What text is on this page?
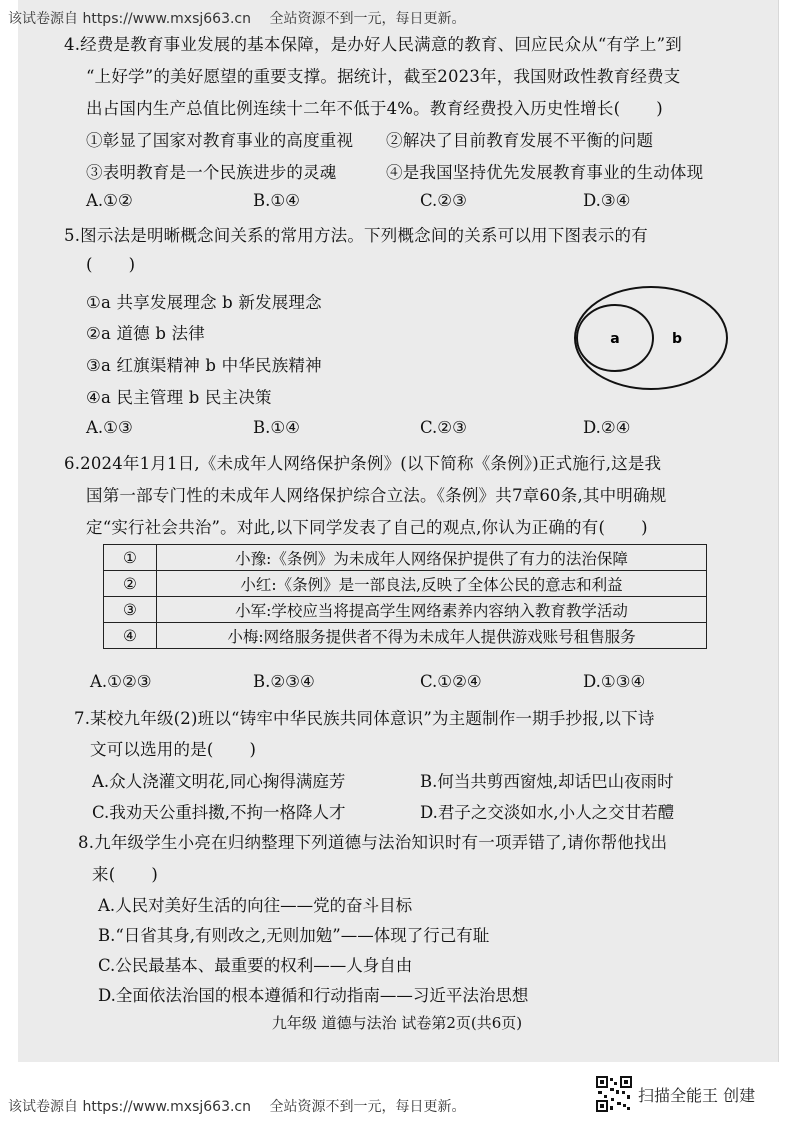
该试卷源自 https://www.mxsj663.cn 全站资源不到一元，每日更新。
4.经费是教育事业发展的基本保障，是办好人民满意的教育、回应民众从“有学上”到
“上好学”的美好愿望的重要支撑。据统计，截至2023年，我国财政性教育经费支
出占国内生产总值比例连续十二年不低于4%。教育经费投入历史性增长( )
①彰显了国家对教育事业的高度重视 ②解决了目前教育发展不平衡的问题
③表明教育是一个民族进步的灵魂	④是我国坚持优先发展教育事业的生动体现
A.①②	B.①④	C.②③	D.③④
5.图示法是明晰概念间关系的常用方法。下列概念间的关系可以用下图表示的有
( )
①a 共享发展理念 b 新发展理念
②a 道德 b 法律
③a 红旗渠精神 b 中华民族精神
④a 民主管理 b 民主决策
a	b
A.①③	B.①④	C.②③	D.②④
6.2024年1月1日,《未成年人网络保护条例》(以下简称《条例》)正式施行,这是我
国第一部专门性的未成年人网络保护综合立法。《条例》共7章60条,其中明确规
定“实行社会共治”。对此,以下同学发表了自己的观点,你认为正确的有( )
①	小豫:《条例》为未成年人网络保护提供了有力的法治保障
②	小红:《条例》是一部良法,反映了全体公民的意志和利益
③	小军:学校应当将提高学生网络素养内容纳入教育教学活动
④	小梅:网络服务提供者不得为未成年人提供游戏账号租售服务
A.①②③	B.②③④	C.①②④	D.①③④
7.某校九年级(2)班以“铸牢中华民族共同体意识”为主题制作一期手抄报,以下诗
文可以选用的是( )
A.众人浇灌文明花,同心掬得满庭芳	B.何当共剪西窗烛,却话巴山夜雨时
C.我劝天公重抖擞,不拘一格降人才	D.君子之交淡如水,小人之交甘若醴
8.九年级学生小亮在归纳整理下列道德与法治知识时有一项弄错了,请你帮他找出
来( )
A.人民对美好生活的向往——党的奋斗目标
B.“日省其身,有则改之,无则加勉”——体现了行己有耻
C.公民最基本、最重要的权利——人身自由
D.全面依法治国的根本遵循和行动指南——习近平法治思想
九年级 道德与法治 试卷第2页(共6页)
该试卷源自 https://www.mxsj663.cn 全站资源不到一元，每日更新。
扫描全能王 创建
